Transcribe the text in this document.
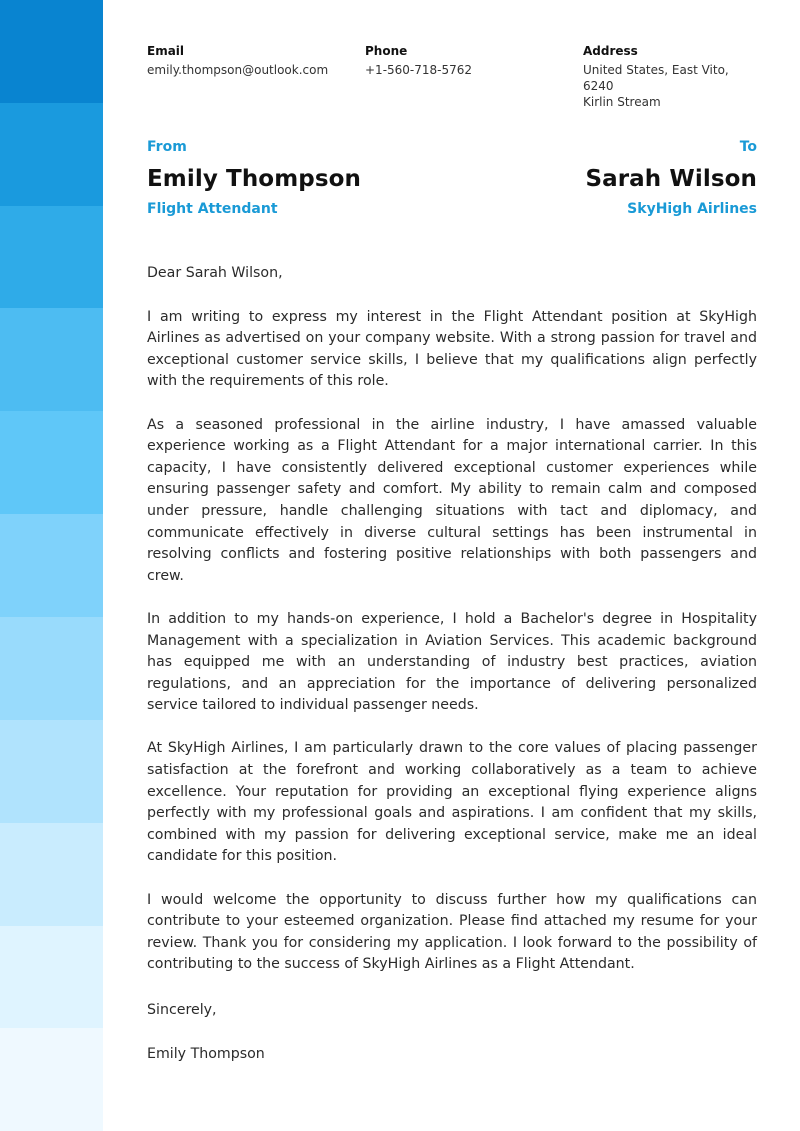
Email
emily.thompson@outlook.com
Phone
+1-560-718-5762
Address
United States, East Vito, 6240
Kirlin Stream
From
Emily Thompson
Flight Attendant
To
Sarah Wilson
SkyHigh Airlines

Dear Sarah Wilson,

I am writing to express my interest in the Flight Attendant position at SkyHigh Airlines as advertised on your company website. With a strong passion for travel and exceptional customer service skills, I believe that my qualifications align perfectly with the requirements of this role.

As a seasoned professional in the airline industry, I have amassed valuable experience working as a Flight Attendant for a major international carrier. In this capacity, I have consistently delivered exceptional customer experiences while ensuring passenger safety and comfort. My ability to remain calm and composed under pressure, handle challenging situations with tact and diplomacy, and communicate effectively in diverse cultural settings has been instrumental in resolving conflicts and fostering positive relationships with both passengers and crew.

In addition to my hands-on experience, I hold a Bachelor's degree in Hospitality Management with a specialization in Aviation Services. This academic background has equipped me with an understanding of industry best practices, aviation regulations, and an appreciation for the importance of delivering personalized service tailored to individual passenger needs.

At SkyHigh Airlines, I am particularly drawn to the core values of placing passenger satisfaction at the forefront and working collaboratively as a team to achieve excellence. Your reputation for providing an exceptional flying experience aligns perfectly with my professional goals and aspirations. I am confident that my skills, combined with my passion for delivering exceptional service, make me an ideal candidate for this position.

I would welcome the opportunity to discuss further how my qualifications can contribute to your esteemed organization. Please find attached my resume for your review. Thank you for considering my application. I look forward to the possibility of contributing to the success of SkyHigh Airlines as a Flight Attendant.

Sincerely,
Emily Thompson
